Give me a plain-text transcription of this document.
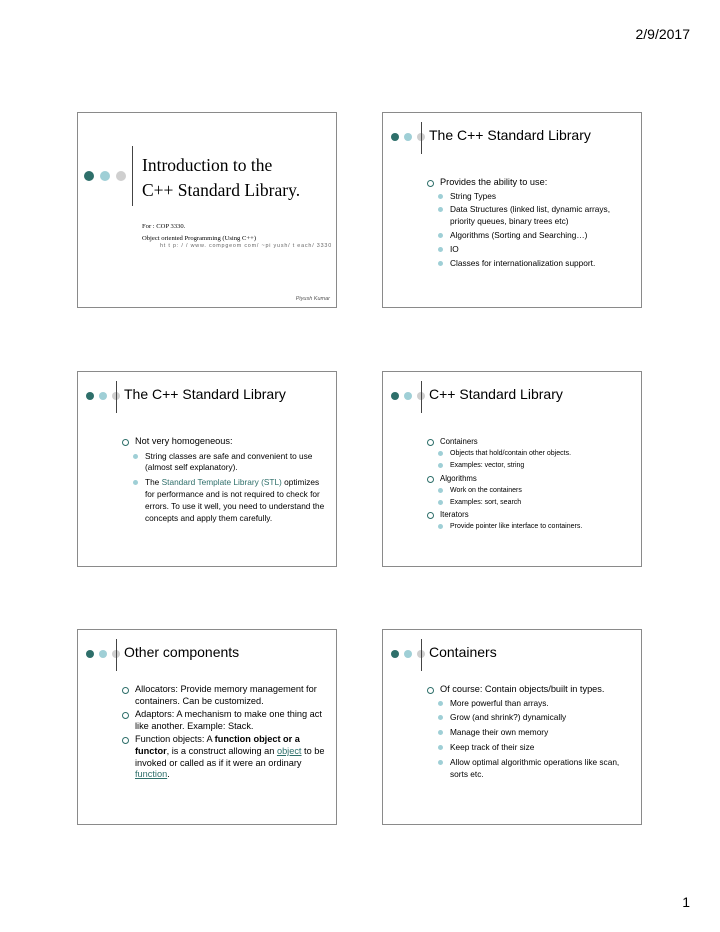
2/9/2017
Introduction to the
C++ Standard Library.
For : COP 3330.
Object oriented Programming (Using C++)
ht t p: / / www. compgeom com/ ~pi yush/ t each/ 3330
Piyush Kumar
The C++ Standard Library
Provides the ability to use:
String Types
Data Structures (linked list, dynamic arrays, priority queues, binary trees etc)
Algorithms (Sorting and Searching…)
IO
Classes for internationalization support.
The C++ Standard Library
Not very homogeneous:
String classes are safe and convenient to use (almost self explanatory).
The Standard Template Library (STL) optimizes for performance and is not required to check for errors. To use it well, you need to understand the concepts and apply them carefully.
C++ Standard Library
Containers
Objects that hold/contain other objects.
Examples: vector, string
Algorithms
Work on the containers
Examples: sort, search
Iterators
Provide pointer like interface to containers.
Other components
Allocators: Provide memory management for containers. Can be customized.
Adaptors: A mechanism to make one thing act like another. Example: Stack.
Function objects: A function object or a functor, is a construct allowing an object to be invoked or called as if it were an ordinary function.
Containers
Of course: Contain objects/built in types.
More powerful than arrays.
Grow (and shrink?) dynamically
Manage their own memory
Keep track of their size
Allow optimal algorithmic operations like scan, sorts etc.
1
